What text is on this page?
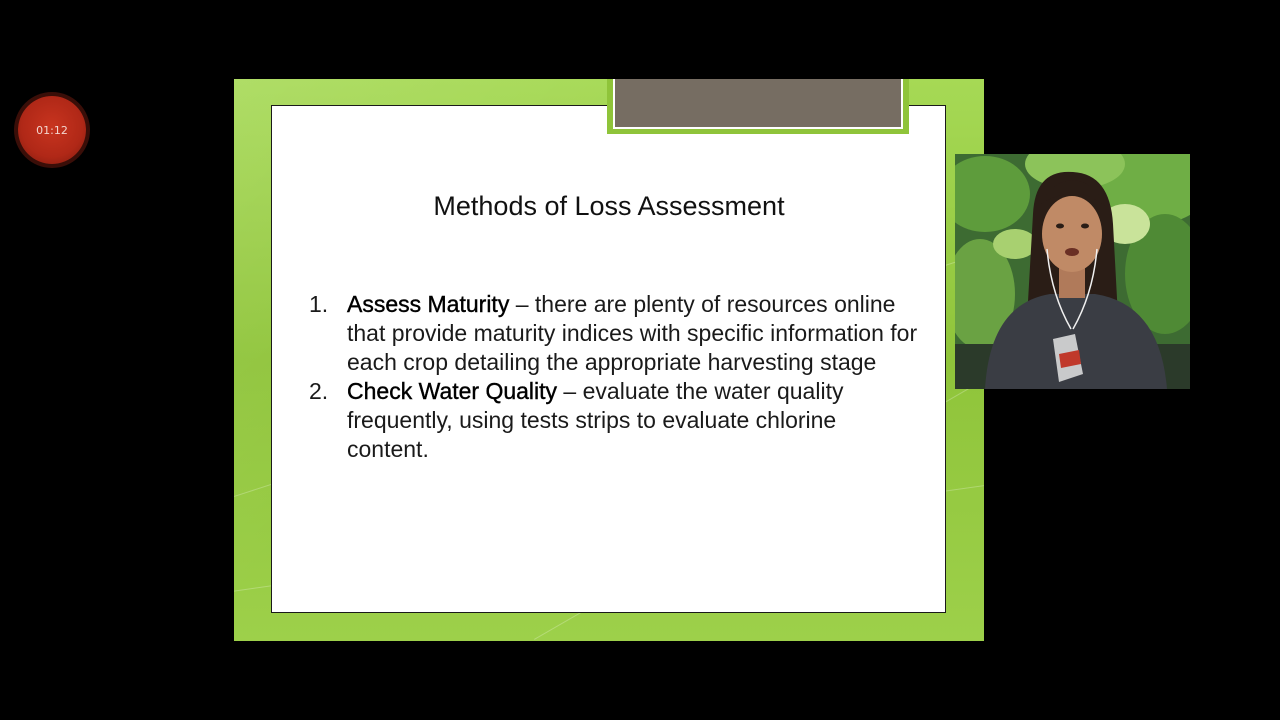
01:12
Methods of Loss Assessment
1. Assess Maturity – there are plenty of resources online that provide maturity indices with specific information for each crop detailing the appropriate harvesting stage
2. Check Water Quality – evaluate the water quality frequently, using tests strips to evaluate chlorine content.
